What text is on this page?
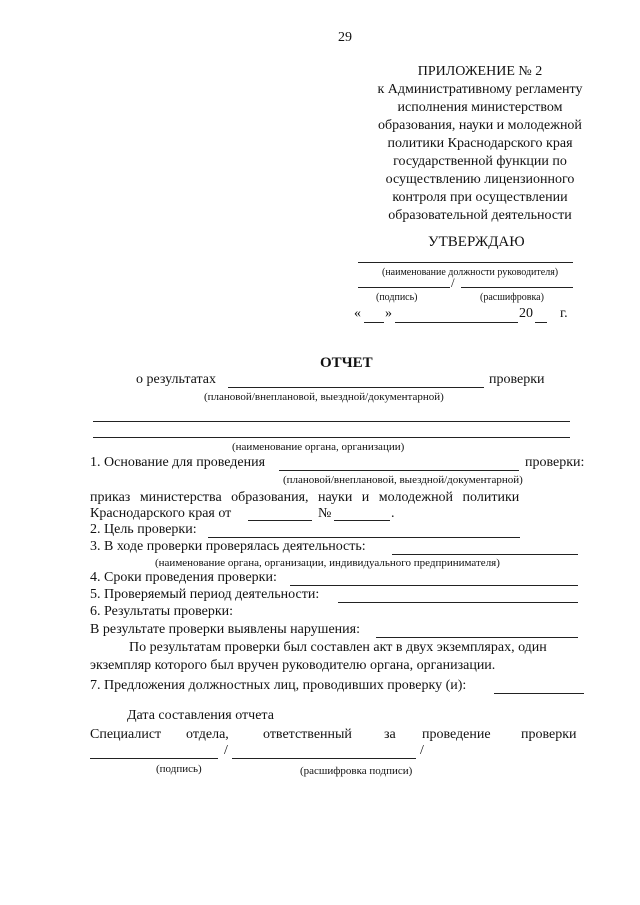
29
ПРИЛОЖЕНИЕ № 2
к Административному регламенту
исполнения министерством
образования, науки и молодежной
политики Краснодарского края
государственной функции по
осуществлению лицензионного
контроля при осуществлении
образовательной деятельности
УТВЕРЖДАЮ
(наименование должности руководителя)
/
(подпись)	(расшифровка)
« »	20 г.
ОТЧЕТ
о результатах	проверки
(плановой/внеплановой, выездной/документарной)
(наименование органа, организации)
1. Основание для проведения	проверки:
(плановой/внеплановой, выездной/документарной)
приказ министерства образования, науки и молодежной политики
Краснодарского края от	№	.
2. Цель проверки:
3. В ходе проверки проверялась деятельность:
(наименование органа, организации, индивидуального предпринимателя)
4. Сроки проведения проверки:
5. Проверяемый период деятельности:
6. Результаты проверки:
В результате проверки выявлены нарушения:
По результатам проверки был составлен акт в двух экземплярах, один
экземпляр которого был вручен руководителю органа, организации.
7. Предложения должностных лиц, проводивших проверку (и):
Дата составления отчета
Специалист отдела, ответственный за проведение проверки
/	/
(подпись)	(расшифровка подписи)
